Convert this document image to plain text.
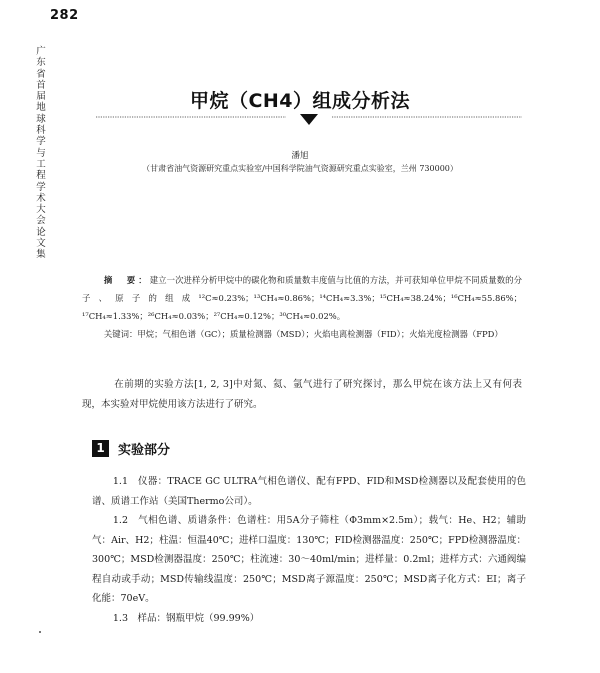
282
广东省首届地球科学与工程学术大会论文集
甲烷（CH4）组成分析法
潘旭
（甘肃省油气资源研究重点实验室/中国科学院油气资源研究重点实验室，兰州 730000）

摘　要：建立一次进样分析甲烷中的碳化物和质量数丰度值与比值的方法，并可获知单位甲烷不同质量数的分子、原子的组成¹²C≈0.23%；¹³CH₄≈0.86%；¹⁴CH₄≈3.3%；¹⁵CH₄≈38.24%；¹⁶CH₄≈55.86%；¹⁷CH₄≈1.33%；²⁶CH₄≈0.03%；²⁷CH₄≈0.12%；³⁰CH₄≈0.02%。

关键词：甲烷；气相色谱（GC）；质量检测器（MSD）；火焰电离检测器（FID）；火焰光度检测器（FPD）

在前期的实验方法[1, 2, 3]中对氮、氦、氩气进行了研究探讨，那么甲烷在该方法上又有何表现，本实验对甲烷使用该方法进行了研究。

1	实验部分

1.1　仪器：TRACE GC ULTRA气相色谱仪、配有FPD、FID和MSD检测器以及配套使用的色谱、质谱工作站（美国Thermo公司）。

1.2　气相色谱、质谱条件：色谱柱：用5A分子筛柱（Φ3mm×2.5m）；载气：He、H2；辅助气：Air、H2；柱温：恒温40℃；进样口温度：130℃；FID检测器温度：250℃；FPD检测器温度：300℃；MSD检测器温度：250℃；柱流速：30～40ml/min；进样量：0.2ml；进样方式：六通阀编程自动或手动；MSD传输线温度：250℃；MSD离子源温度：250℃；MSD离子化方式：EI；离子化能：70eV。

1.3　样品：钢瓶甲烷（99.99%）
